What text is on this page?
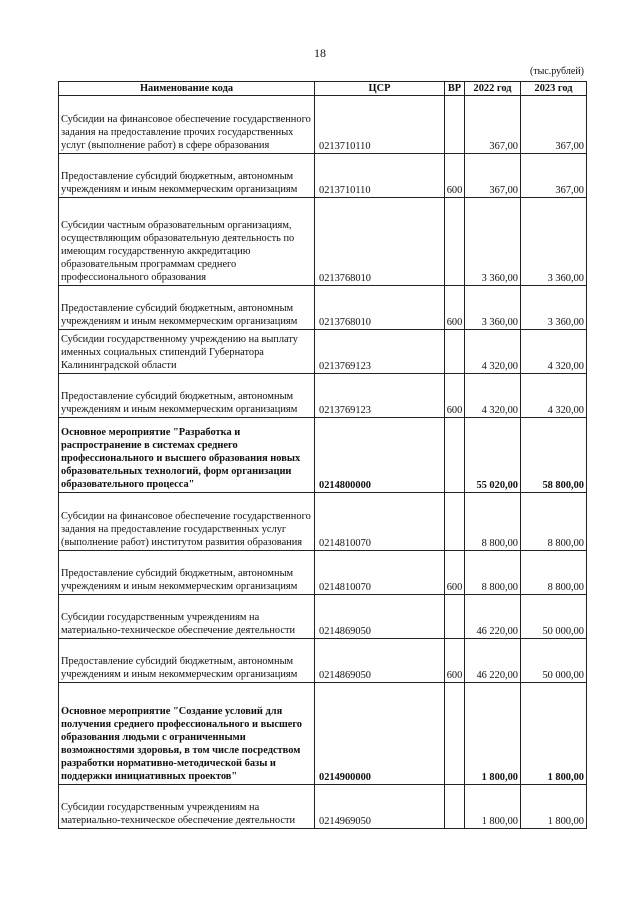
18
(тыс.рублей)
Наименование кода	ЦСР	ВР	2022 год	2023 год
Субсидии на финансовое обеспечение государственного задания на предоставление прочих государственных услуг (выполнение работ) в сфере образования	0213710110		367,00	367,00
Предоставление субсидий бюджетным, автономным учреждениям и иным некоммерческим организациям	0213710110	600	367,00	367,00
Субсидии частным образовательным организациям, осуществляющим образовательную деятельность по имеющим государственную аккредитацию образовательным программам среднего профессионального образования	0213768010		3 360,00	3 360,00
Предоставление субсидий бюджетным, автономным учреждениям и иным некоммерческим организациям	0213768010	600	3 360,00	3 360,00
Субсидии государственному учреждению на выплату именных социальных стипендий Губернатора Калининградской области	0213769123		4 320,00	4 320,00
Предоставление субсидий бюджетным, автономным учреждениям и иным некоммерческим организациям	0213769123	600	4 320,00	4 320,00
Основное мероприятие "Разработка и распространение в системах среднего профессионального и высшего образования новых образовательных технологий, форм организации образовательного процесса"	0214800000		55 020,00	58 800,00
Субсидии на финансовое обеспечение государственного задания на предоставление государственных услуг (выполнение работ) институтом развития образования	0214810070		8 800,00	8 800,00
Предоставление субсидий бюджетным, автономным учреждениям и иным некоммерческим организациям	0214810070	600	8 800,00	8 800,00
Субсидии государственным учреждениям на материально-техническое обеспечение деятельности	0214869050		46 220,00	50 000,00
Предоставление субсидий бюджетным, автономным учреждениям и иным некоммерческим организациям	0214869050	600	46 220,00	50 000,00
Основное мероприятие "Создание условий для получения среднего профессионального и высшего образования людьми с ограниченными возможностями здоровья, в том числе посредством разработки нормативно-методической базы и поддержки инициативных проектов"	0214900000		1 800,00	1 800,00
Субсидии государственным учреждениям на материально-техническое обеспечение деятельности	0214969050		1 800,00	1 800,00
